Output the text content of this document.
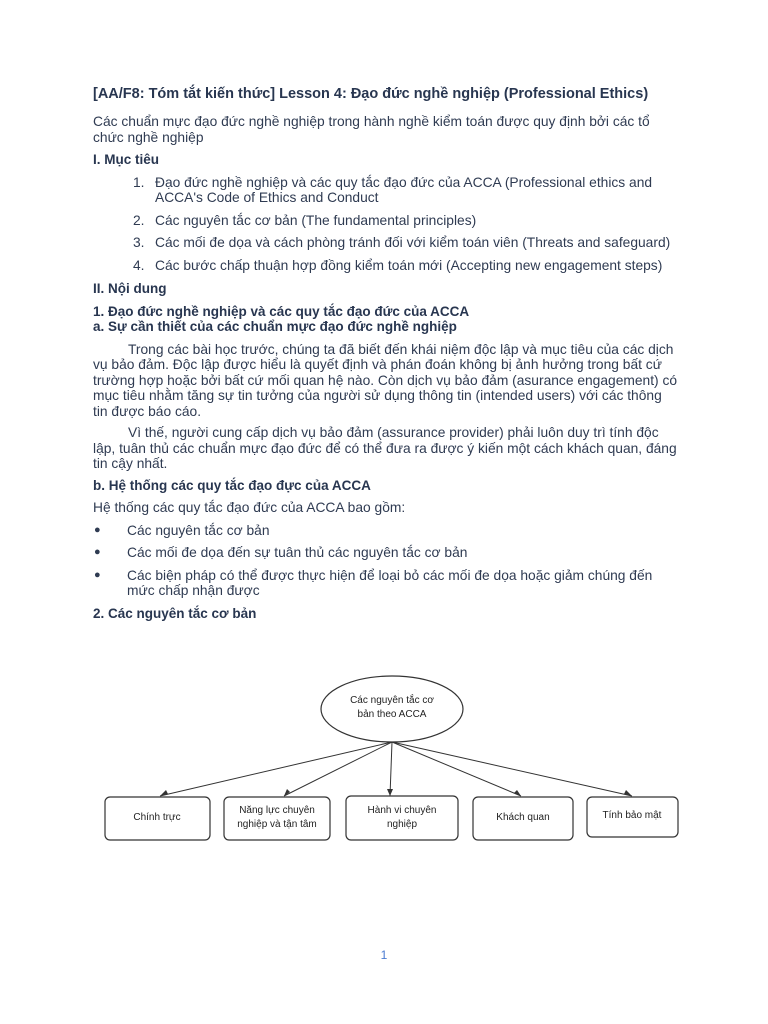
[AA/F8: Tóm tắt kiến thức] Lesson 4: Đạo đức nghề nghiệp (Professional Ethics)

Các chuẩn mực đạo đức nghề nghiệp trong hành nghề kiểm toán được quy định bởi các tổ chức nghề nghiệp

I. Mục tiêu

1. Đạo đức nghề nghiệp và các quy tắc đạo đức của ACCA (Professional ethics and ACCA's Code of Ethics and Conduct
2. Các nguyên tắc cơ bản (The fundamental principles)
3. Các mối đe dọa và cách phòng tránh đối với kiểm toán viên (Threats and safeguard)
4. Các bước chấp thuận hợp đồng kiểm toán mới (Accepting new engagement steps)

II. Nội dung

1. Đạo đức nghề nghiệp và các quy tắc đạo đức của ACCA

a. Sự cần thiết của các chuẩn mực đạo đức nghề nghiệp

Trong các bài học trước, chúng ta đã biết đến khái niệm độc lập và mục tiêu của các dịch vụ bảo đảm. Độc lập được hiểu là quyết định và phán đoán không bị ảnh hưởng trong bất cứ trường hợp hoặc bởi bất cứ mối quan hệ nào. Còn dịch vụ bảo đảm (asurance engagement) có mục tiêu nhằm tăng sự tin tưởng của người sử dụng thông tin (intended users) với các thông tin được báo cáo.

Vì thế, người cung cấp dịch vụ bảo đảm (assurance provider) phải luôn duy trì tính độc lập, tuân thủ các chuẩn mực đạo đức để có thể đưa ra được ý kiến một cách khách quan, đáng tin cậy nhất.

b. Hệ thống các quy tắc đạo đực của ACCA

Hệ thống các quy tắc đạo đức của ACCA bao gồm:

● Các nguyên tắc cơ bản
● Các mối đe dọa đến sự tuân thủ các nguyên tắc cơ bản
● Các biện pháp có thể được thực hiện để loại bỏ các mối đe dọa hoặc giảm chúng đến mức chấp nhận được

2. Các nguyên tắc cơ bản

Các nguyên tắc cơ
bản theo ACCA
Chính trực
Năng lực chuyên
nghiệp và tận tâm
Hành vi chuyên
nghiệp
Khách quan	Tính bảo mật
1
